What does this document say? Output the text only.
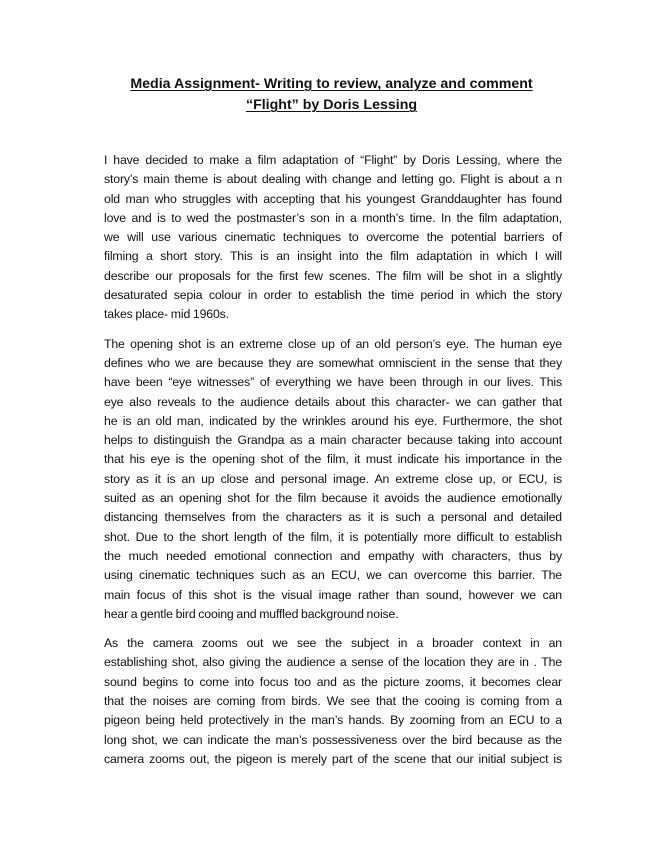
Media Assignment- Writing to review, analyze and comment
“Flight” by Doris Lessing
I have decided to make a film adaptation of “Flight” by Doris Lessing, where the
story’s main theme is about dealing with change and letting go. Flight is about a n
old man who struggles with accepting that his youngest Granddaughter has found
love and is to wed the postmaster’s son in a month’s time. In the film adaptation,
we will use various cinematic techniques to overcome the potential barriers of
filming a short story. This is an insight into the film adaptation in which I will
describe our proposals for the first few scenes. The film will be shot in a slightly
desaturated sepia colour in order to establish the time period in which the story
takes place- mid 1960s.
The opening shot is an extreme close up of an old person’s eye. The human eye
defines who we are because they are somewhat omniscient in the sense that they
have been “eye witnesses” of everything we have been through in our lives. This
eye also reveals to the audience details about this character- we can gather that
he is an old man, indicated by the wrinkles around his eye. Furthermore, the shot
helps to distinguish the Grandpa as a main character because taking into account
that his eye is the opening shot of the film, it must indicate his importance in the
story as it is an up close and personal image. An extreme close up, or ECU, is
suited as an opening shot for the film because it avoids the audience emotionally
distancing themselves from the characters as it is such a personal and detailed
shot. Due to the short length of the film, it is potentially more difficult to establish
the much needed emotional connection and empathy with characters, thus by
using cinematic techniques such as an ECU, we can overcome this barrier. The
main focus of this shot is the visual image rather than sound, however we can
hear a gentle bird cooing and muffled background noise.
As the camera zooms out we see the subject in a broader context in an
establishing shot, also giving the audience a sense of the location they are in . The
sound begins to come into focus too and as the picture zooms, it becomes clear
that the noises are coming from birds. We see that the cooing is coming from a
pigeon being held protectively in the man’s hands. By zooming from an ECU to a
long shot, we can indicate the man’s possessiveness over the bird because as the
camera zooms out, the pigeon is merely part of the scene that our initial subject is
